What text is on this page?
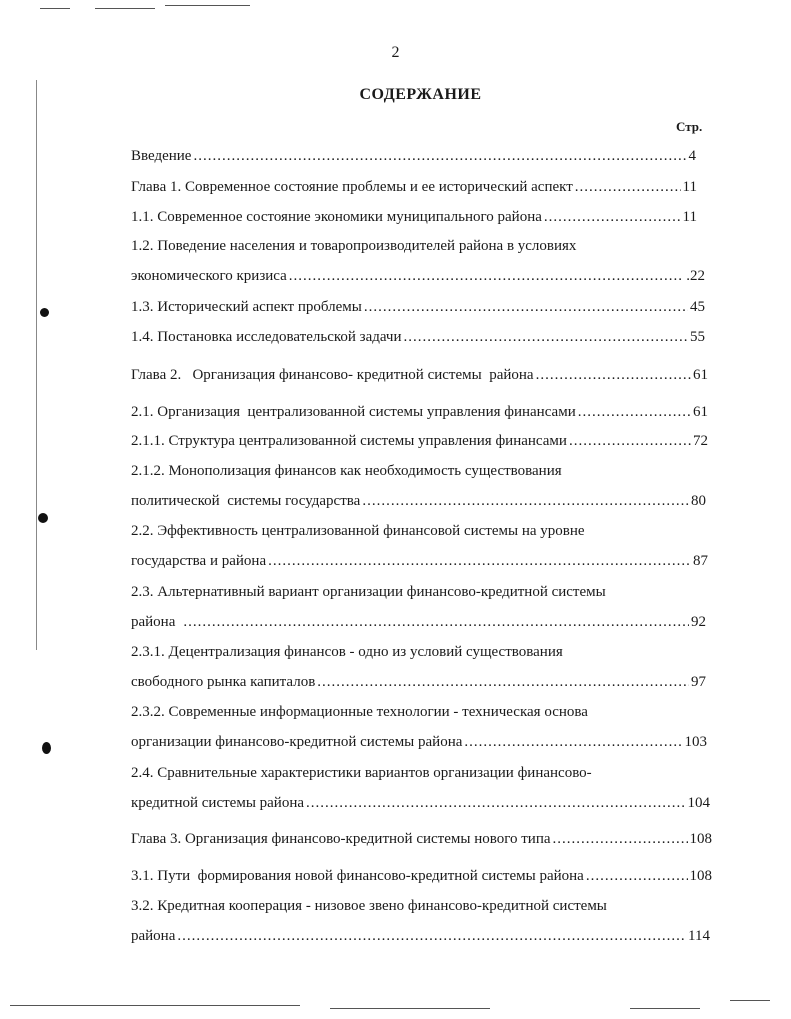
2
СОДЕРЖАНИЕ
Стр.
Введение .....	4
Глава 1. Современное состояние проблемы и ее исторический аспект .....	11
1.1. Современное состояние экономики муниципального района .....	11
1.2. Поведение населения и товаропроизводителей района в условиях
экономического кризиса .....	.22
1.3. Исторический аспект проблемы .....	45
1.4. Постановка исследовательской задачи .....	55
Глава 2.   Организация финансово- кредитной системы  района .....	61
2.1. Организация  централизованной системы управления финансами .....	61
2.1.1. Структура централизованной системы управления финансами .....	72
2.1.2. Монополизация финансов как необходимость существования
политической  системы государства .....	80
2.2. Эффективность централизованной финансовой системы на уровне
государства и района .....	87
2.3. Альтернативный вариант организации финансово-кредитной системы
района .....	92
2.3.1. Децентрализация финансов - одно из условий существования
свободного рынка капиталов .....	97
2.3.2. Современные информационные технологии - техническая основа
организации финансово-кредитной системы района .....	103
2.4. Сравнительные характеристики вариантов организации финансово-
кредитной системы района .....	104
Глава 3. Организация финансово-кредитной системы нового типа .....	108
3.1. Пути  формирования новой финансово-кредитной системы района .....	108
3.2. Кредитная кооперация - низовое звено финансово-кредитной системы
района .....	114
